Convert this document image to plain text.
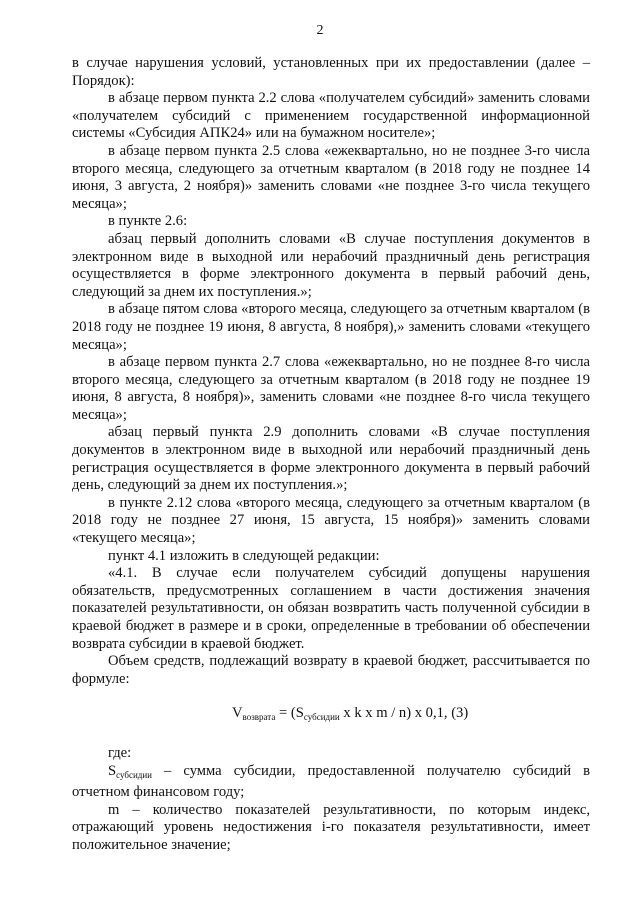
2

в случае нарушения условий, установленных при их предоставлении (далее – Порядок):

в абзаце первом пункта 2.2 слова «получателем субсидий» заменить словами «получателем субсидий с применением государственной информационной системы «Субсидия АПК24» или на бумажном носителе»;

в абзаце первом пункта 2.5 слова «ежеквартально, но не позднее 3-го числа второго месяца, следующего за отчетным кварталом (в 2018 году не позднее 14 июня, 3 августа, 2 ноября)» заменить словами «не позднее 3-го числа текущего месяца»;

в пункте 2.6:

абзац первый дополнить словами «В случае поступления документов в электронном виде в выходной или нерабочий праздничный день регистрация осуществляется в форме электронного документа в первый рабочий день, следующий за днем их поступления.»;

в абзаце пятом слова «второго месяца, следующего за отчетным кварталом (в 2018 году не позднее 19 июня, 8 августа, 8 ноября),» заменить словами «текущего месяца»;

в абзаце первом пункта 2.7 слова «ежеквартально, но не позднее 8-го числа второго месяца, следующего за отчетным кварталом (в 2018 году не позднее 19 июня, 8 августа, 8 ноября)», заменить словами «не позднее 8-го числа текущего месяца»;

абзац первый пункта 2.9 дополнить словами «В случае поступления документов в электронном виде в выходной или нерабочий праздничный день регистрация осуществляется в форме электронного документа в первый рабочий день, следующий за днем их поступления.»;

в пункте 2.12 слова «второго месяца, следующего за отчетным кварталом (в 2018 году не позднее 27 июня, 15 августа, 15 ноября)» заменить словами «текущего месяца»;

пункт 4.1 изложить в следующей редакции:

«4.1. В случае если получателем субсидий допущены нарушения обязательств, предусмотренных соглашением в части достижения значения показателей результативности, он обязан возвратить часть полученной субсидии в краевой бюджет в размере и в сроки, определенные в требовании об обеспечении возврата субсидии в краевой бюджет.

Объем средств, подлежащий возврату в краевой бюджет, рассчитывается по формуле:

$V_{возврата} = (S_{субсидии}$ x k x m / n) x 0,1, (3)

где:

$S_{субсидии}$ – сумма субсидии, предоставленной получателю субсидий в отчетном финансовом году;

m – количество показателей результативности, по которым индекс, отражающий уровень недостижения i-го показателя результативности, имеет положительное значение;
